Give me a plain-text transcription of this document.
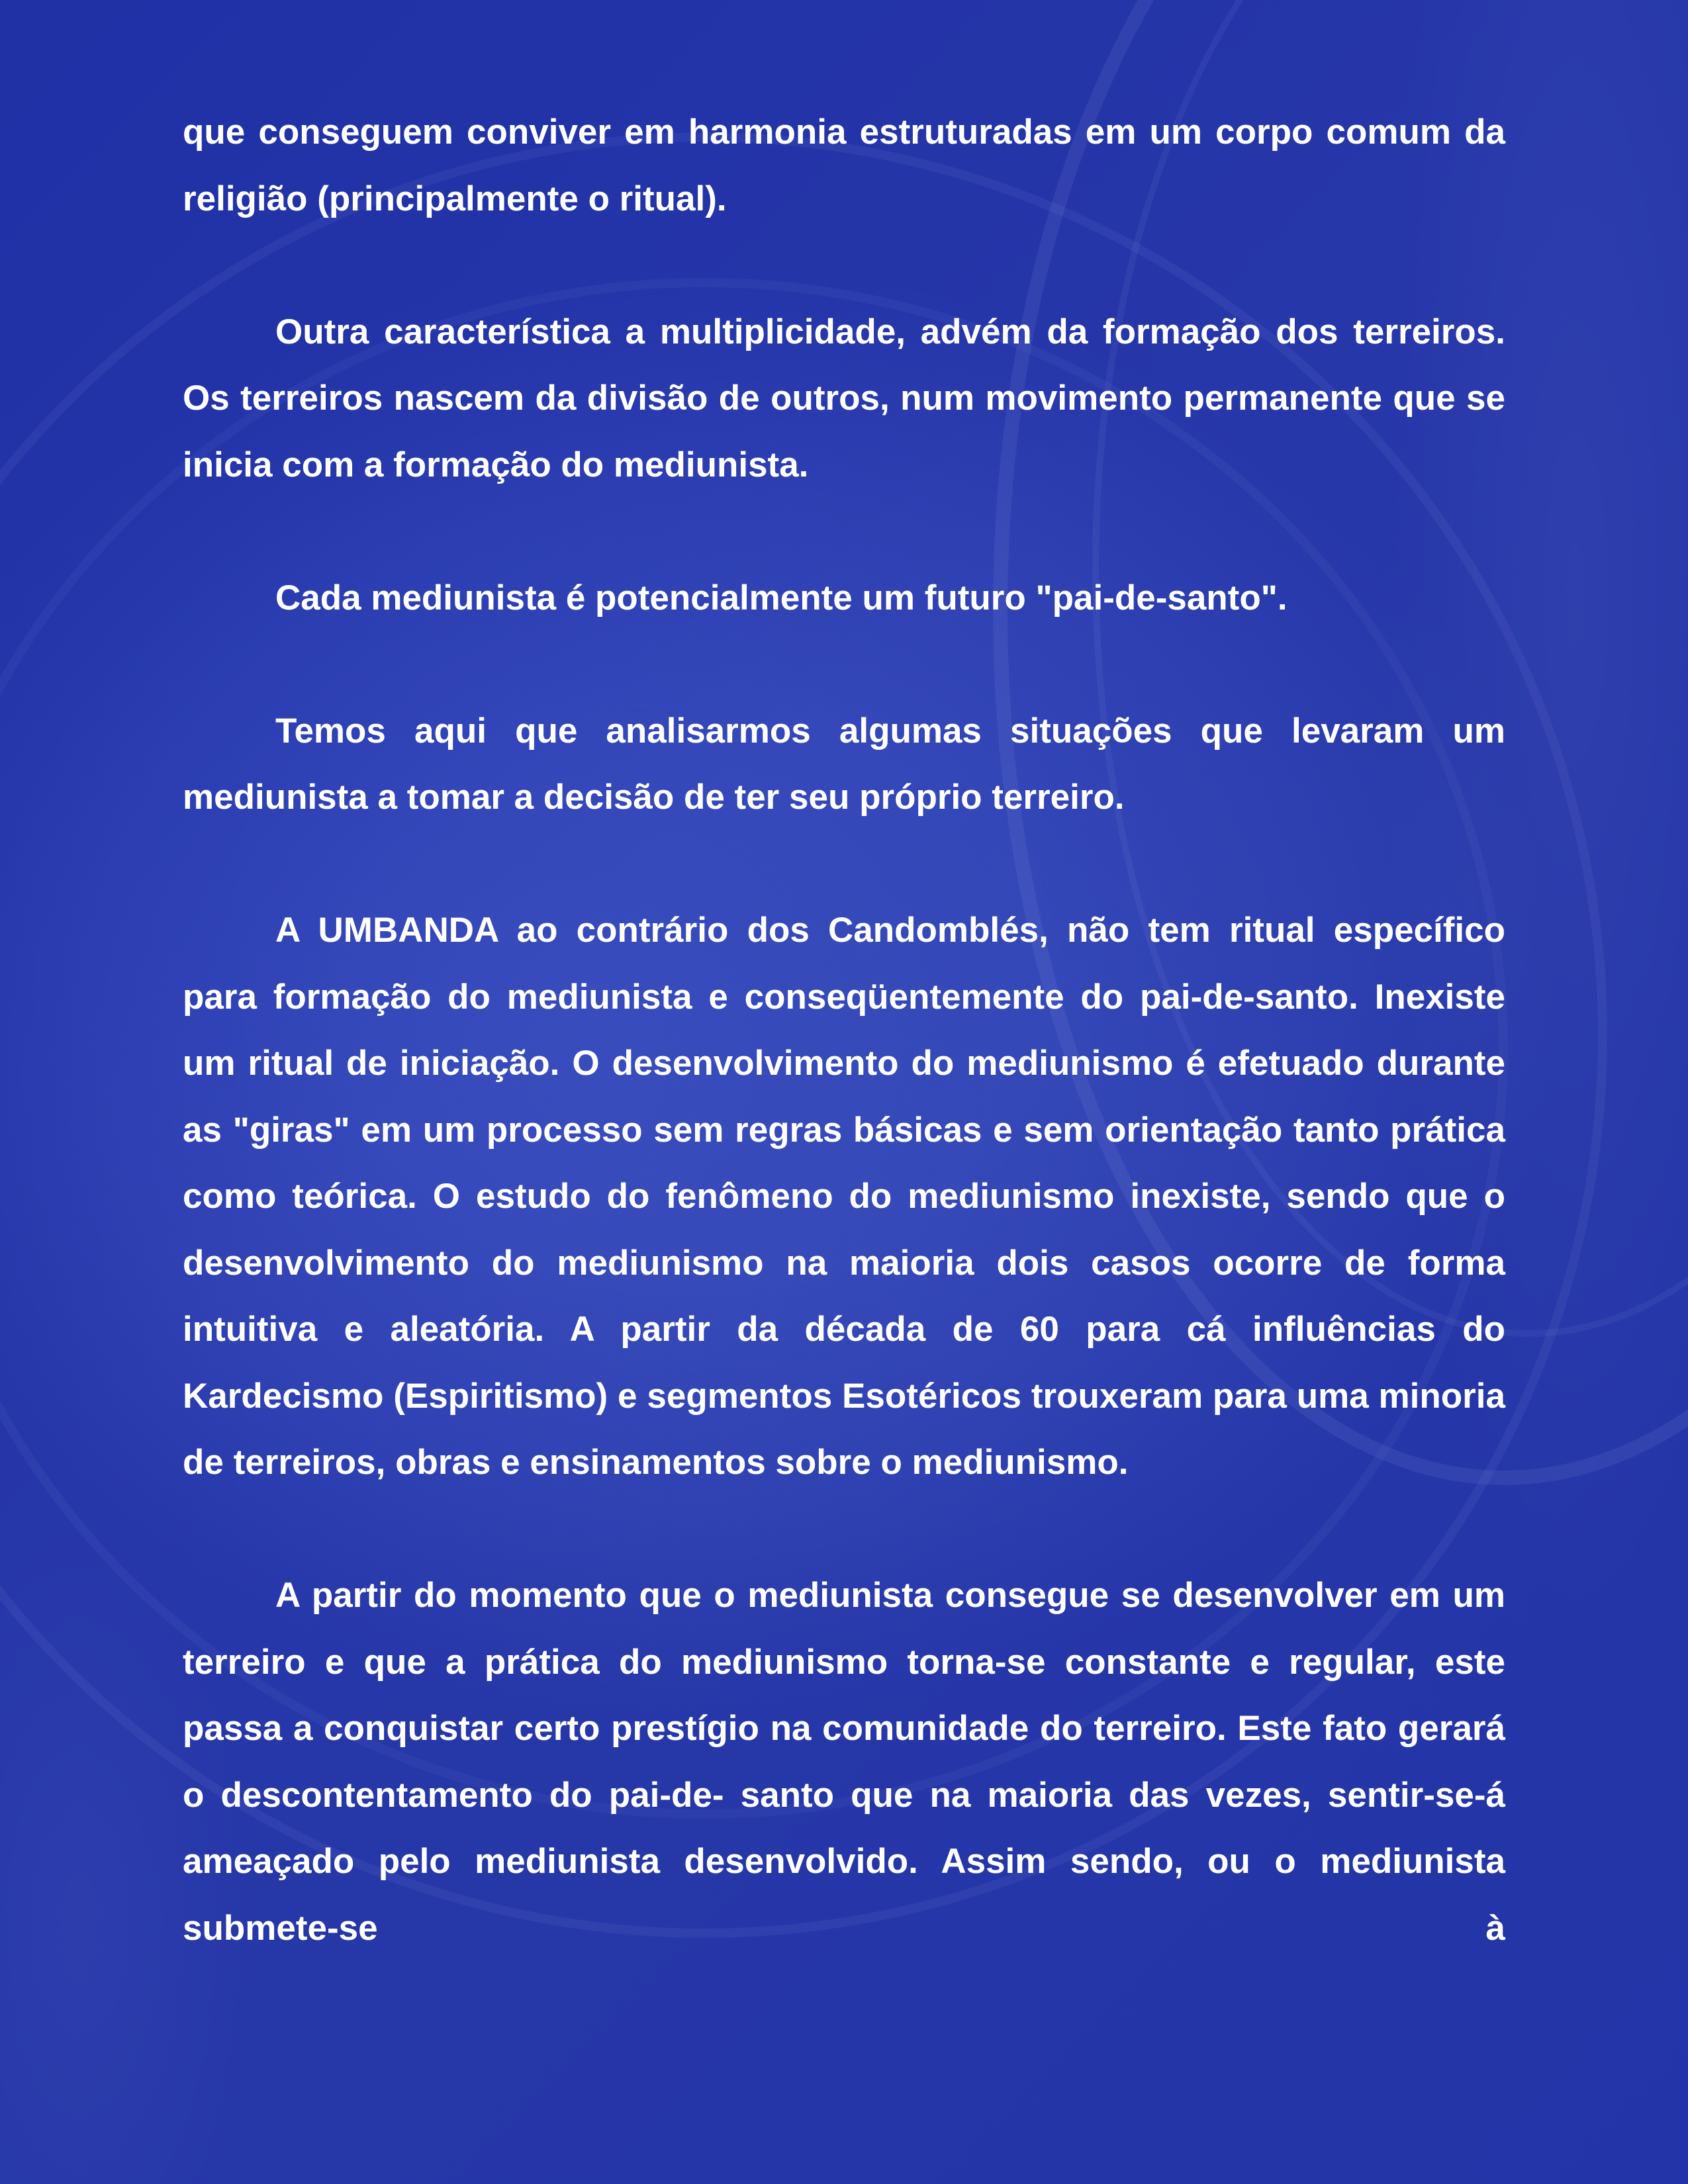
que conseguem conviver em harmonia estruturadas em um corpo comum da religião (principalmente o ritual).

Outra característica a multiplicidade, advém da formação dos terreiros. Os terreiros nascem da divisão de outros, num movimento permanente que se inicia com a formação do mediunista.

Cada mediunista é potencialmente um futuro "pai-de-santo".

Temos aqui que analisarmos algumas situações que levaram um mediunista a tomar a decisão de ter seu próprio terreiro.

A UMBANDA ao contrário dos Candomblés, não tem ritual específico para formação do mediunista e conseqüentemente do pai-de-santo. Inexiste um ritual de iniciação. O desenvolvimento do mediunismo é efetuado durante as "giras" em um processo sem regras básicas e sem orientação tanto prática como teórica. O estudo do fenômeno do mediunismo inexiste, sendo que o desenvolvimento do mediunismo na maioria dois casos ocorre de forma intuitiva e aleatória. A partir da década de 60 para cá influências do Kardecismo (Espiritismo) e segmentos Esotéricos trouxeram para uma minoria de terreiros, obras e ensinamentos sobre o mediunismo.

A partir do momento que o mediunista consegue se desenvolver em um terreiro e que a prática do mediunismo torna-se constante e regular, este passa a conquistar certo prestígio na comunidade do terreiro. Este fato gerará o descontentamento do pai-de- santo que na maioria das vezes, sentir-se-á ameaçado pelo mediunista desenvolvido. Assim sendo, ou o mediunista submete-se à
